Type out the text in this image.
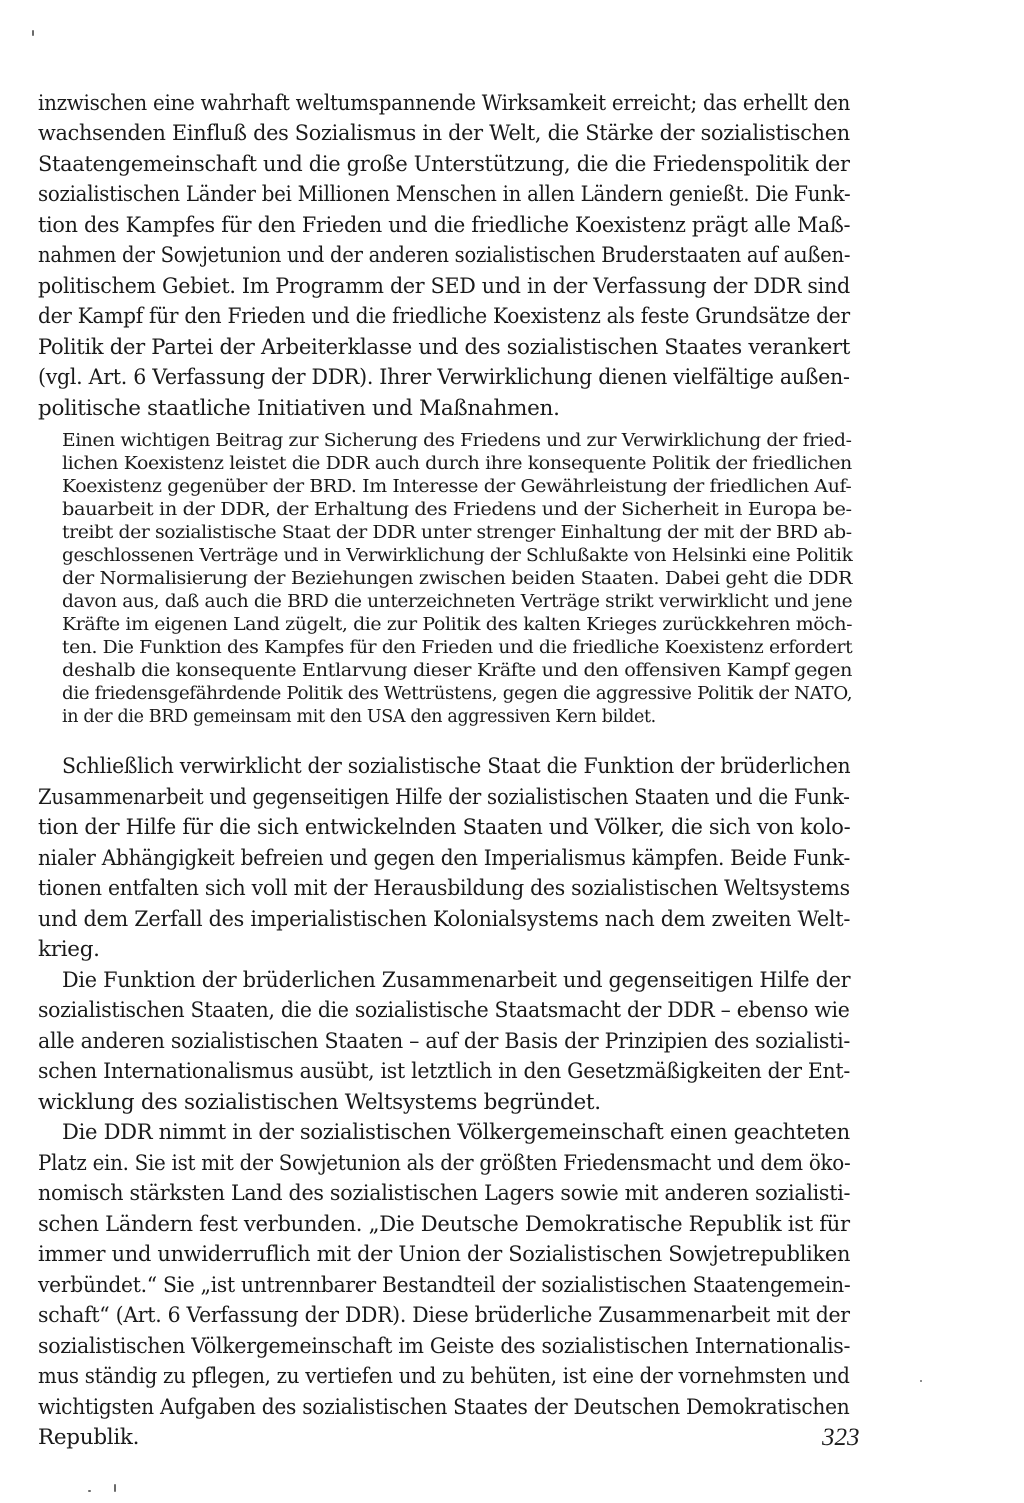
inzwischen eine wahrhaft weltumspannende Wirksamkeit erreicht; das erhellt den
wachsenden Einfluß des Sozialismus in der Welt, die Stärke der sozialistischen
Staatengemeinschaft und die große Unterstützung, die die Friedenspolitik der
sozialistischen Länder bei Millionen Menschen in allen Ländern genießt. Die Funk-
tion des Kampfes für den Frieden und die friedliche Koexistenz prägt alle Maß-
nahmen der Sowjetunion und der anderen sozialistischen Bruderstaaten auf außen-
politischem Gebiet. Im Programm der SED und in der Verfassung der DDR sind
der Kampf für den Frieden und die friedliche Koexistenz als feste Grundsätze der
Politik der Partei der Arbeiterklasse und des sozialistischen Staates verankert
(vgl. Art. 6 Verfassung der DDR). Ihrer Verwirklichung dienen vielfältige außen-
politische staatliche Initiativen und Maßnahmen.
Einen wichtigen Beitrag zur Sicherung des Friedens und zur Verwirklichung der fried-
lichen Koexistenz leistet die DDR auch durch ihre konsequente Politik der friedlichen
Koexistenz gegenüber der BRD. Im Interesse der Gewährleistung der friedlichen Auf-
bauarbeit in der DDR, der Erhaltung des Friedens und der Sicherheit in Europa be-
treibt der sozialistische Staat der DDR unter strenger Einhaltung der mit der BRD ab-
geschlossenen Verträge und in Verwirklichung der Schlußakte von Helsinki eine Politik
der Normalisierung der Beziehungen zwischen beiden Staaten. Dabei geht die DDR
davon aus, daß auch die BRD die unterzeichneten Verträge strikt verwirklicht und jene
Kräfte im eigenen Land zügelt, die zur Politik des kalten Krieges zurückkehren möch-
ten. Die Funktion des Kampfes für den Frieden und die friedliche Koexistenz erfordert
deshalb die konsequente Entlarvung dieser Kräfte und den offensiven Kampf gegen
die friedensgefährdende Politik des Wettrüstens, gegen die aggressive Politik der NATO,
in der die BRD gemeinsam mit den USA den aggressiven Kern bildet.
Schließlich verwirklicht der sozialistische Staat die Funktion der brüderlichen
Zusammenarbeit und gegenseitigen Hilfe der sozialistischen Staaten und die Funk-
tion der Hilfe für die sich entwickelnden Staaten und Völker, die sich von kolo-
nialer Abhängigkeit befreien und gegen den Imperialismus kämpfen. Beide Funk-
tionen entfalten sich voll mit der Herausbildung des sozialistischen Weltsystems
und dem Zerfall des imperialistischen Kolonialsystems nach dem zweiten Welt-
krieg.
Die Funktion der brüderlichen Zusammenarbeit und gegenseitigen Hilfe der
sozialistischen Staaten, die die sozialistische Staatsmacht der DDR – ebenso wie
alle anderen sozialistischen Staaten – auf der Basis der Prinzipien des sozialisti-
schen Internationalismus ausübt, ist letztlich in den Gesetzmäßigkeiten der Ent-
wicklung des sozialistischen Weltsystems begründet.
Die DDR nimmt in der sozialistischen Völkergemeinschaft einen geachteten
Platz ein. Sie ist mit der Sowjetunion als der größten Friedensmacht und dem öko-
nomisch stärksten Land des sozialistischen Lagers sowie mit anderen sozialisti-
schen Ländern fest verbunden. „Die Deutsche Demokratische Republik ist für
immer und unwiderruflich mit der Union der Sozialistischen Sowjetrepubliken
verbündet.“ Sie „ist untrennbarer Bestandteil der sozialistischen Staatengemein-
schaft“ (Art. 6 Verfassung der DDR). Diese brüderliche Zusammenarbeit mit der
sozialistischen Völkergemeinschaft im Geiste des sozialistischen Internationalis-
mus ständig zu pflegen, zu vertiefen und zu behüten, ist eine der vornehmsten und
wichtigsten Aufgaben des sozialistischen Staates der Deutschen Demokratischen
Republik.	323
